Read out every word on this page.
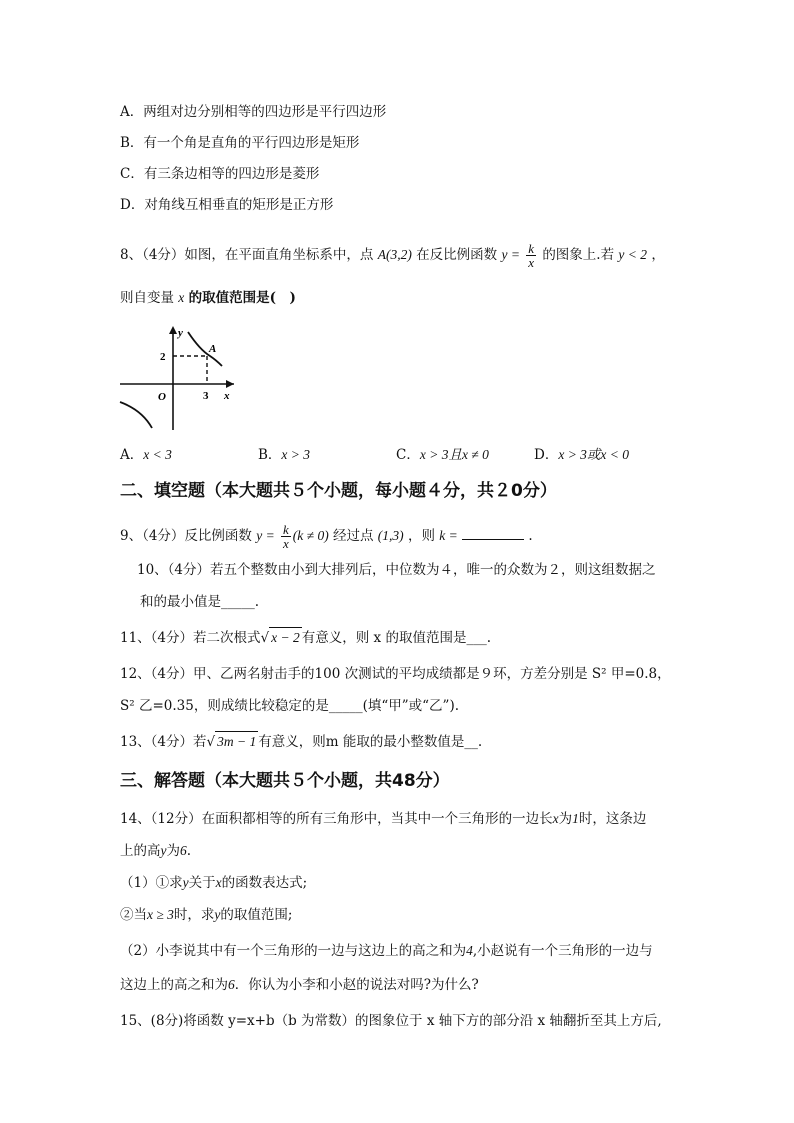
A．两组对边分别相等的四边形是平行四边形
B．有一个角是直角的平行四边形是矩形
C．有三条边相等的四边形是菱形
D．对角线互相垂直的矩形是正方形
8、（4分）如图，在平面直角坐标系中，点 A(3,2) 在反比例函数 $y = \frac{k}{x}$ 的图象上.若 y < 2 ，
则自变量 x 的取值范围是(　)
y
2
A
O	3 x
A．x < 3	B．x > 3	C．x > 3且x ≠ 0	D．x > 3或x < 0
二、填空题（本大题共５个小题，每小题４分，共２0分）
9、（4分）反比例函数 $y = \frac{k}{x} (k \ne 0)$ 经过点 (1,3) ，则 k =	.
10、（4分）若五个整数由小到大排列后，中位数为４，唯一的众数为２，则这组数据之
和的最小值是_____.
11、（4分）若二次根式√ x − 2 有意义，则 x 的取值范围是___.
12、（4分）甲、乙两名射击手的100 次测试的平均成绩都是９环，方差分别是 S² 甲=0.8，
S² 乙=0.35，则成绩比较稳定的是_____(填“甲”或“乙”).
13、（4分）若√ 3m − 1 有意义，则m 能取的最小整数值是__.
三、解答题（本大题共５个小题，共48分）
14、（12分）在面积都相等的所有三角形中，当其中一个三角形的一边长x为1时，这条边
上的高y为6.
（1）①求y关于x的函数表达式;
②当x ≥ 3时，求y的取值范围;
（2）小李说其中有一个三角形的一边与这边上的高之和为4,小赵说有一个三角形的一边与
这边上的高之和为6．你认为小李和小赵的说法对吗?为什么?
15、(8分)将函数 y=x+b（b 为常数）的图象位于 x 轴下方的部分沿 x 轴翻折至其上方后,
